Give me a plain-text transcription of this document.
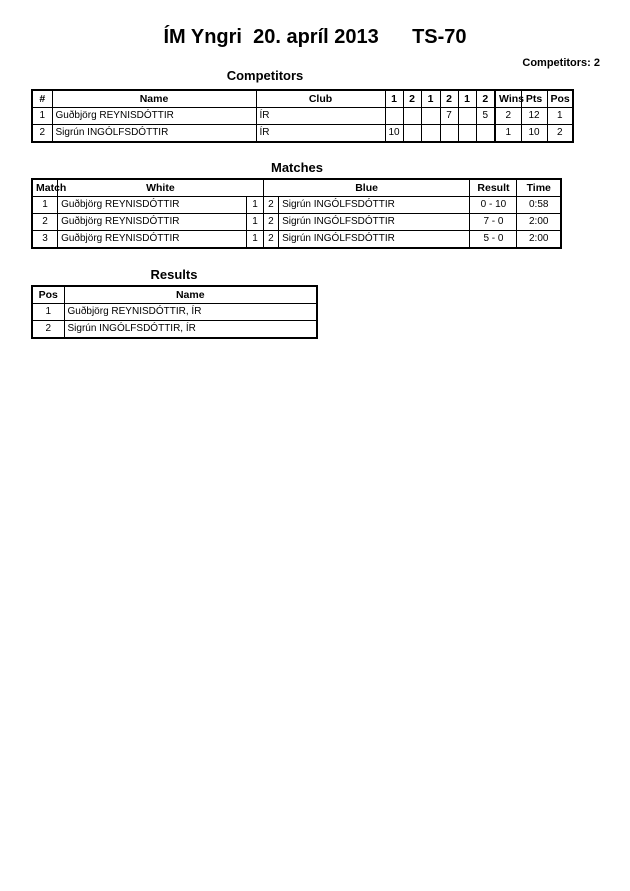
ÍM Yngri  20. apríl 2013      TS-70
Competitors: 2
Competitors
#	Name	Club	1	2	1	2	1	2	Wins	Pts	Pos
1	Guðbjörg REYNISDÓTTIR	ÍR				7		5	2	12	1
2	Sigrún INGÓLFSDÓTTIR	ÍR	10						1	10	2
Matches
Match	White		Blue		Result	Time
1	Guðbjörg REYNISDÓTTIR	1	2	Sigrún INGÓLFSDÓTTIR	0 - 10	0:58
2	Guðbjörg REYNISDÓTTIR	1	2	Sigrún INGÓLFSDÓTTIR	7 - 0	2:00
3	Guðbjörg REYNISDÓTTIR	1	2	Sigrún INGÓLFSDÓTTIR	5 - 0	2:00
Results
Pos	Name
1	Guðbjörg REYNISDÓTTIR, ÍR
2	Sigrún INGÓLFSDÓTTIR, ÍR
